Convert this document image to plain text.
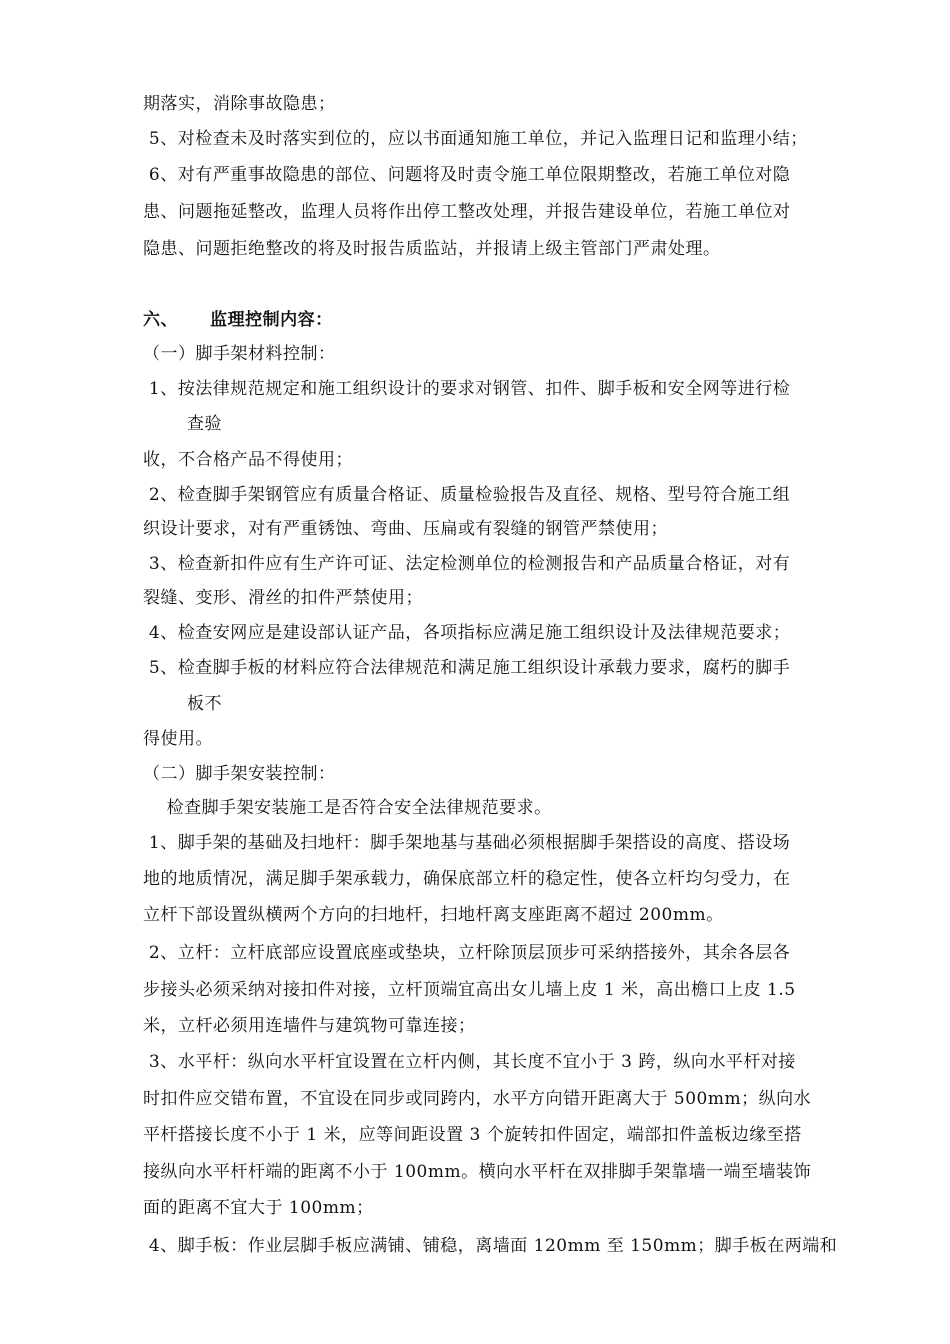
期落实，消除事故隐患；
5、对检查未及时落实到位的，应以书面通知施工单位，并记入监理日记和监理小结；
6、对有严重事故隐患的部位、问题将及时责令施工单位限期整改，若施工单位对隐
患、问题拖延整改，监理人员将作出停工整改处理，并报告建设单位，若施工单位对
隐患、问题拒绝整改的将及时报告质监站，并报请上级主管部门严肃处理。
六、     监理控制内容：
（一）脚手架材料控制：
1、按法律规范规定和施工组织设计的要求对钢管、扣件、脚手板和安全网等进行检
查验
收，不合格产品不得使用；
2、检查脚手架钢管应有质量合格证、质量检验报告及直径、规格、型号符合施工组
织设计要求，对有严重锈蚀、弯曲、压扁或有裂缝的钢管严禁使用；
3、检查新扣件应有生产许可证、法定检测单位的检测报告和产品质量合格证，对有
裂缝、变形、滑丝的扣件严禁使用；
4、检查安网应是建设部认证产品，各项指标应满足施工组织设计及法律规范要求；
5、检查脚手板的材料应符合法律规范和满足施工组织设计承载力要求，腐朽的脚手
板不
得使用。
（二）脚手架安装控制：
检查脚手架安装施工是否符合安全法律规范要求。
1、脚手架的基础及扫地杆：脚手架地基与基础必须根据脚手架搭设的高度、搭设场
地的地质情况，满足脚手架承载力，确保底部立杆的稳定性，使各立杆均匀受力，在
立杆下部设置纵横两个方向的扫地杆，扫地杆离支座距离不超过 200mm。
2、立杆：立杆底部应设置底座或垫块，立杆除顶层顶步可采纳搭接外，其余各层各
步接头必须采纳对接扣件对接，立杆顶端宜高出女儿墙上皮 1 米，高出檐口上皮 1.5
米，立杆必须用连墙件与建筑物可靠连接；
3、水平杆：纵向水平杆宜设置在立杆内侧，其长度不宜小于 3 跨，纵向水平杆对接
时扣件应交错布置，不宜设在同步或同跨内，水平方向错开距离大于 500mm；纵向水
平杆搭接长度不小于 1 米，应等间距设置 3 个旋转扣件固定，端部扣件盖板边缘至搭
接纵向水平杆杆端的距离不小于 100mm。横向水平杆在双排脚手架靠墙一端至墙装饰
面的距离不宜大于 100mm；
4、脚手板：作业层脚手板应满铺、铺稳，离墙面 120mm 至 150mm；脚手板在两端和
